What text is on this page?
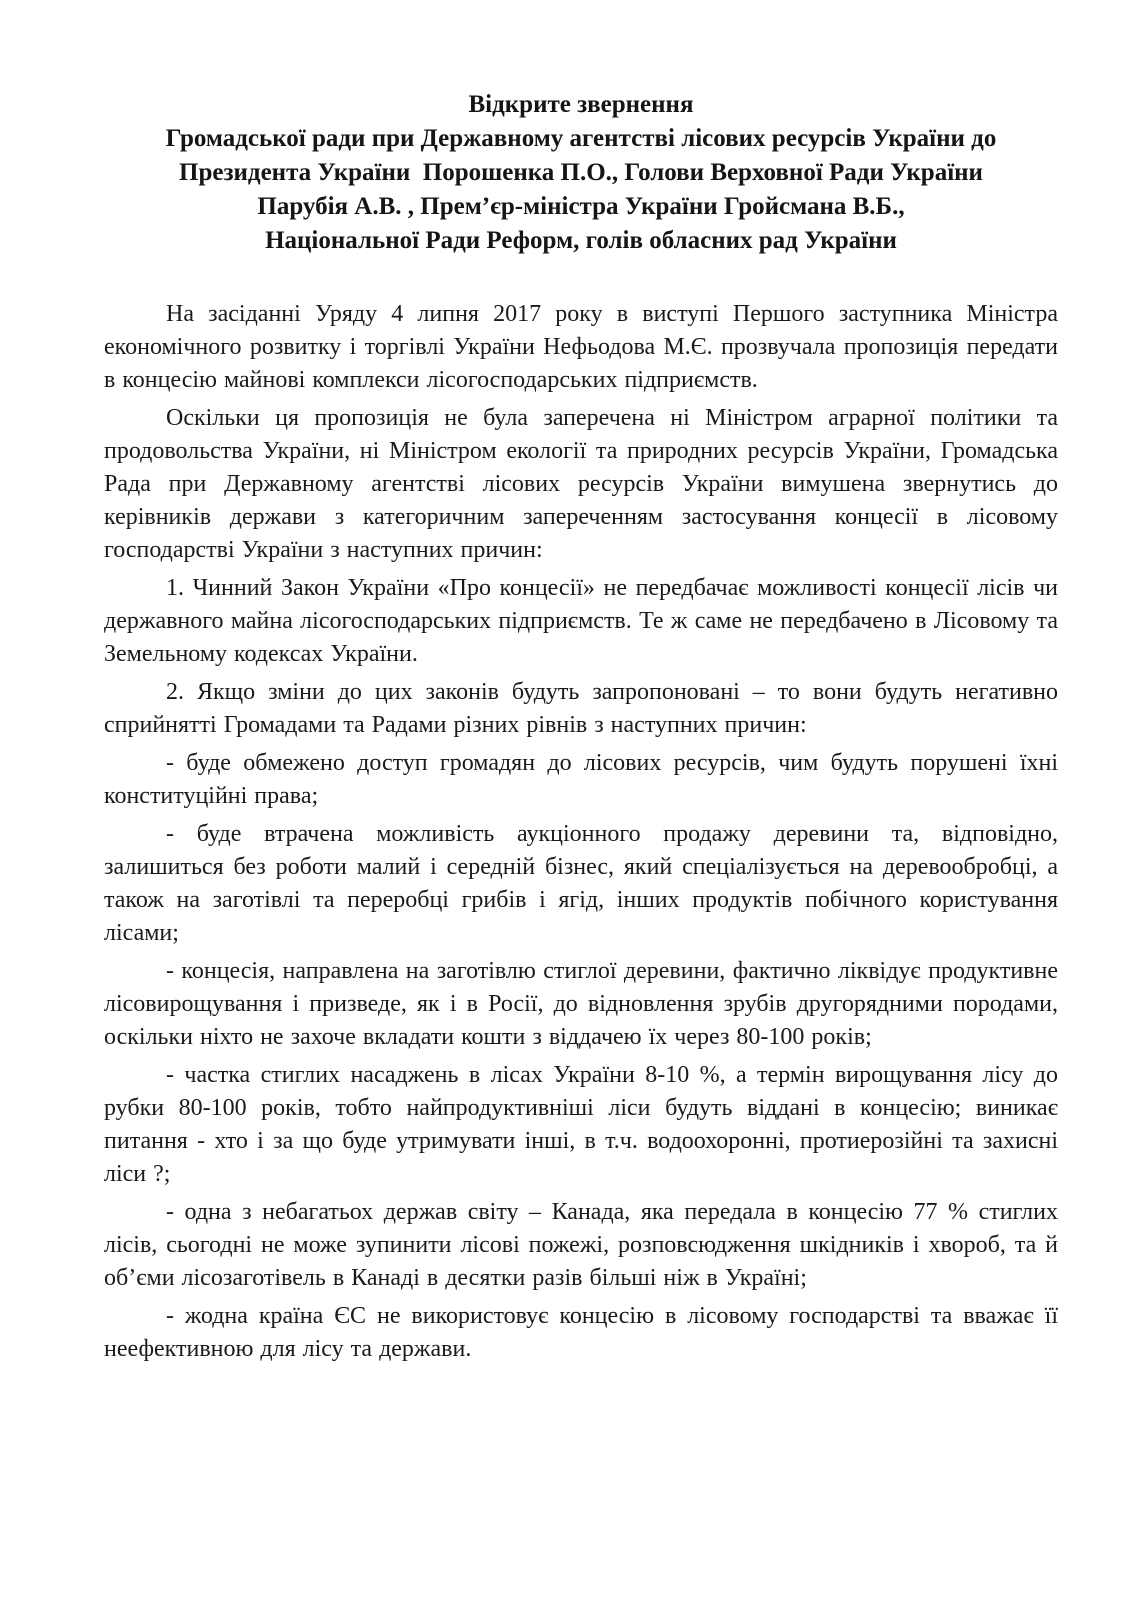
Відкрите звернення
Громадської ради при Державному агентстві лісових ресурсів України до
Президента України  Порошенка П.О., Голови Верховної Ради України
Парубія А.В. , Прем’єр-міністра України Гройсмана В.Б.,
Національної Ради Реформ, голів обласних рад України

На засіданні Уряду 4 липня 2017 року в виступі Першого заступника Міністра економічного розвитку і торгівлі України Нефьодова М.Є. прозвучала пропозиція передати в концесію майнові комплекси лісогосподарських підприємств.

Оскільки ця пропозиція не була заперечена ні Міністром аграрної політики та продовольства України, ні Міністром екології та природних ресурсів України, Громадська Рада при Державному агентстві лісових ресурсів України вимушена звернутись до керівників держави з категоричним запереченням застосування концесії в лісовому господарстві України з наступних причин:

1. Чинний Закон України «Про концесії» не передбачає можливості концесії лісів чи державного майна лісогосподарських підприємств. Те ж саме не передбачено в Лісовому та Земельному кодексах України.

2. Якщо зміни до цих законів будуть запропоновані – то вони будуть негативно сприйнятті Громадами та Радами різних рівнів з наступних причин:

- буде обмежено доступ громадян до лісових ресурсів, чим будуть порушені їхні конституційні права;

- буде втрачена можливість аукціонного продажу деревини та, відповідно, залишиться без роботи малий і середній бізнес, який спеціалізується на деревообробці, а також на заготівлі та переробці грибів і ягід, інших продуктів побічного користування лісами;

- концесія, направлена на заготівлю стиглої деревини, фактично ліквідує продуктивне лісовирощування і призведе, як і в Росії, до відновлення зрубів другорядними породами, оскільки ніхто не захоче вкладати кошти з віддачею їх через 80-100 років;

- частка стиглих насаджень в лісах України 8-10 %, а термін вирощування лісу до рубки 80-100 років, тобто найпродуктивніші ліси будуть віддані в концесію; виникає питання - хто і за що буде утримувати інші, в т.ч. водоохоронні, протиерозійні та захисні ліси ?;

- одна з небагатьох держав світу – Канада, яка передала в концесію 77 % стиглих лісів, сьогодні не може зупинити лісові пожежі, розповсюдження шкідників і хвороб, та й об’єми лісозаготівель в Канаді в десятки разів більші ніж в Україні;

- жодна країна ЄС не використовує концесію в лісовому господарстві та вважає її неефективною для лісу та держави.
